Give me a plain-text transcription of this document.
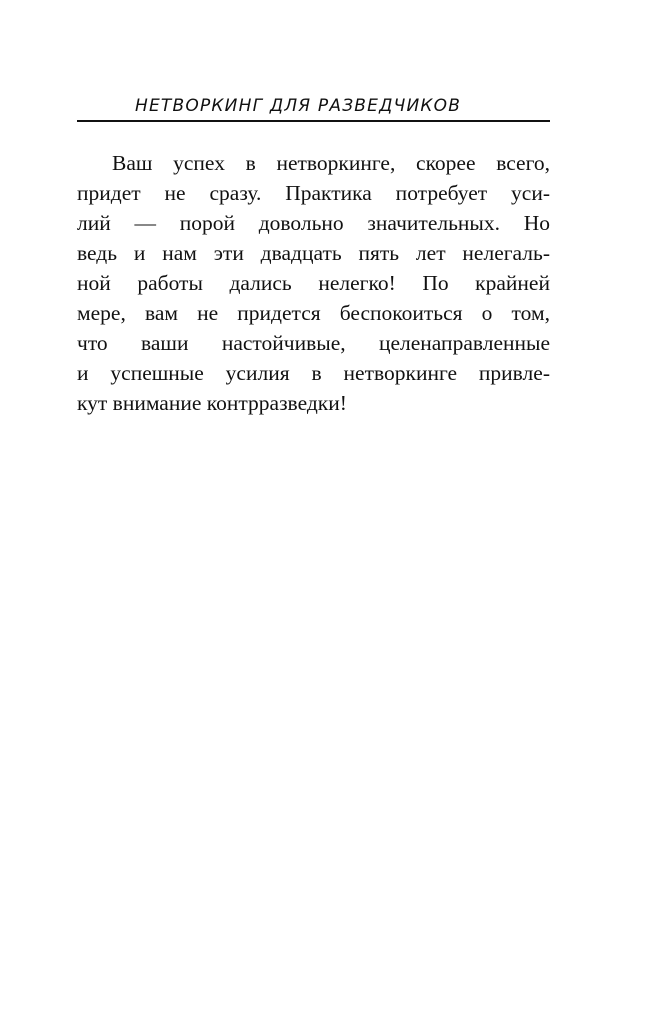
НЕТВОРКИНГ ДЛЯ РАЗВЕДЧИКОВ
Ваш успех в нетворкинге, скорее всего,
придет не сразу. Практика потребует уси-
лий — порой довольно значительных. Но
ведь и нам эти двадцать пять лет нелегаль-
ной работы дались нелегко! По крайней
мере, вам не придется беспокоиться о том,
что ваши настойчивые, целенаправленные
и успешные усилия в нетворкинге привле-
кут внимание контрразведки!
